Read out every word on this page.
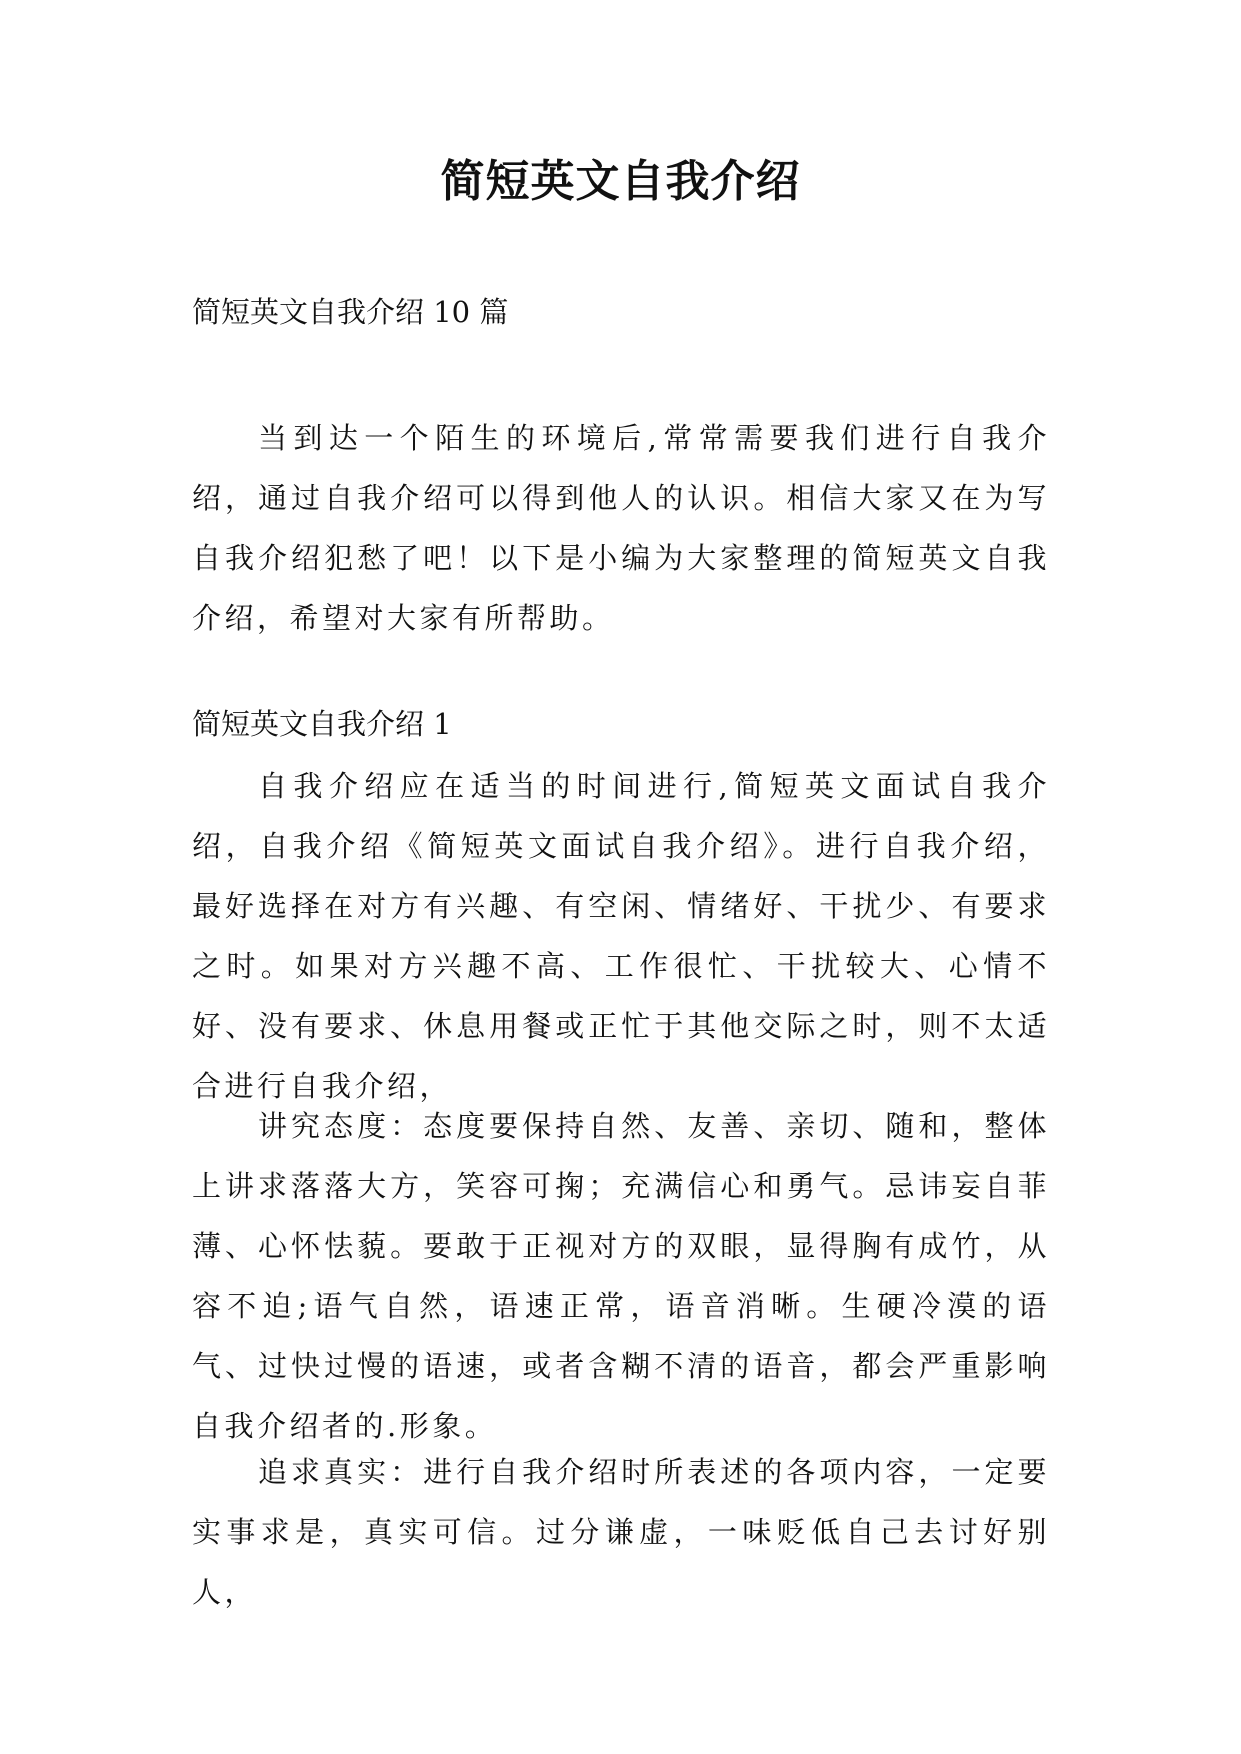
简短英文自我介绍
简短英文自我介绍 10 篇

当到达一个陌生的环境后,常常需要我们进行自我介绍，通过自我介绍可以得到他人的认识。相信大家又在为写自我介绍犯愁了吧！以下是小编为大家整理的简短英文自我介绍，希望对大家有所帮助。

简短英文自我介绍 1

自我介绍应在适当的时间进行,简短英文面试自我介绍，自我介绍《简短英文面试自我介绍》。进行自我介绍，最好选择在对方有兴趣、有空闲、情绪好、干扰少、有要求之时。如果对方兴趣不高、工作很忙、干扰较大、心情不好、没有要求、休息用餐或正忙于其他交际之时，则不太适合进行自我介绍，

讲究态度：态度要保持自然、友善、亲切、随和，整体上讲求落落大方，笑容可掬；充满信心和勇气。忌讳妄自菲薄、心怀怯藐。要敢于正视对方的双眼，显得胸有成竹，从容不迫;语气自然，语速正常，语音消晰。生硬冷漠的语气、过快过慢的语速，或者含糊不清的语音，都会严重影响自我介绍者的.形象。

追求真实：进行自我介绍时所表述的各项内容，一定要实事求是，真实可信。过分谦虚，一味贬低自己去讨好别人，
